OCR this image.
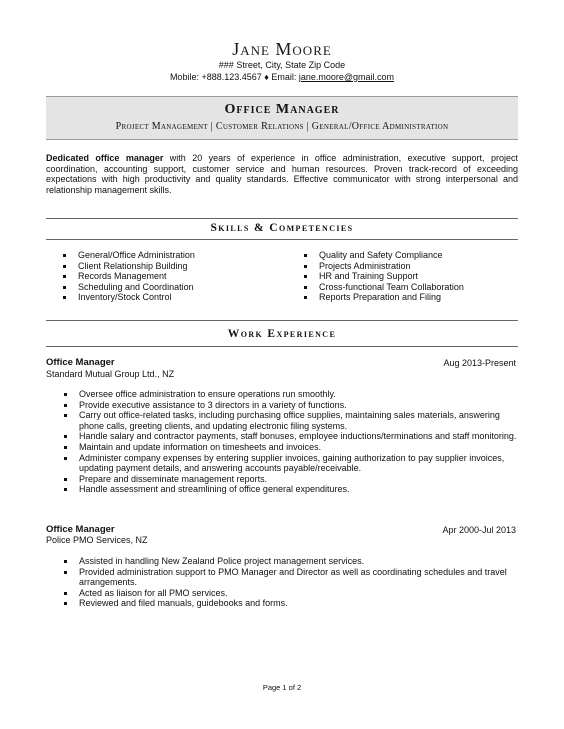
Jane Moore
### Street, City, State Zip Code
Mobile: +888.123.4567 ♦ Email: jane.moore@gmail.com
Office Manager
Project Management | Customer Relations | General/Office Administration
Dedicated office manager with 20 years of experience in office administration, executive support, project coordination, accounting support, customer service and human resources. Proven track-record of exceeding expectations with high productivity and quality standards. Effective communicator with strong interpersonal and relationship management skills.
Skills & Competencies
General/Office Administration
Client Relationship Building
Records Management
Scheduling and Coordination
Inventory/Stock Control
Quality and Safety Compliance
Projects Administration
HR and Training Support
Cross-functional Team Collaboration
Reports Preparation and Filing
Work Experience
Office Manager	Aug 2013-Present
Standard Mutual Group Ltd., NZ
Oversee office administration to ensure operations run smoothly.
Provide executive assistance to 3 directors in a variety of functions.
Carry out office-related tasks, including purchasing office supplies, maintaining sales materials, answering phone calls, greeting clients, and updating electronic filing systems.
Handle salary and contractor payments, staff bonuses, employee inductions/terminations and staff monitoring.
Maintain and update information on timesheets and invoices.
Administer company expenses by entering supplier invoices, gaining authorization to pay supplier invoices, updating payment details, and answering accounts payable/receivable.
Prepare and disseminate management reports.
Handle assessment and streamlining of office general expenditures.
Office Manager	Apr 2000-Jul 2013
Police PMO Services, NZ
Assisted in handling New Zealand Police project management services.
Provided administration support to PMO Manager and Director as well as coordinating schedules and travel arrangements.
Acted as liaison for all PMO services.
Reviewed and filed manuals, guidebooks and forms.
Page 1 of 2
